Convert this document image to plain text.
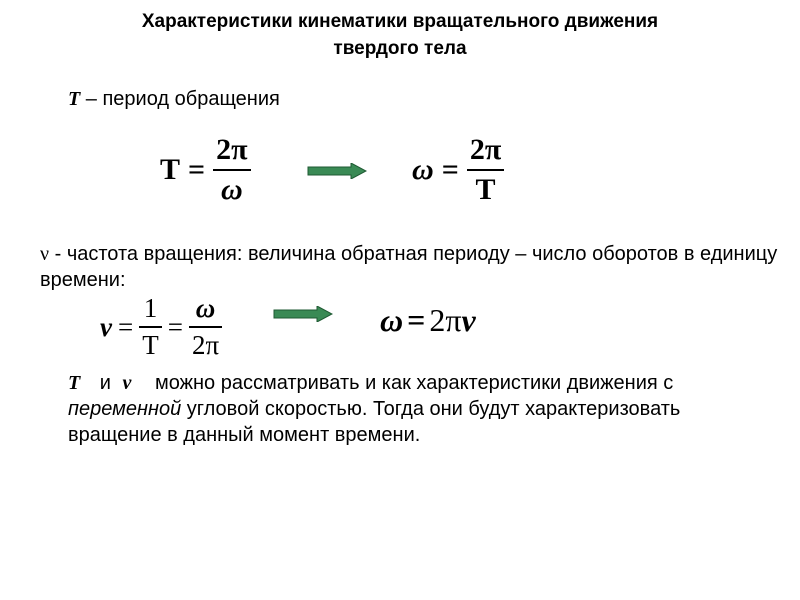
Характеристики кинематики вращательного движения
твердого тела
T – период обращения
$T = \frac{2\pi}{\omega}$	$\omega = \frac{2\pi}{T}$
ν - частота вращения: величина обратная периоду – число оборотов в единицу времени:
$\nu = \frac{1}{T} = \frac{\omega}{2\pi}$	ω = 2πν
T и ν можно рассматривать и как характеристики движения с переменной угловой скоростью. Тогда они будут характеризовать вращение в данный момент времени.
